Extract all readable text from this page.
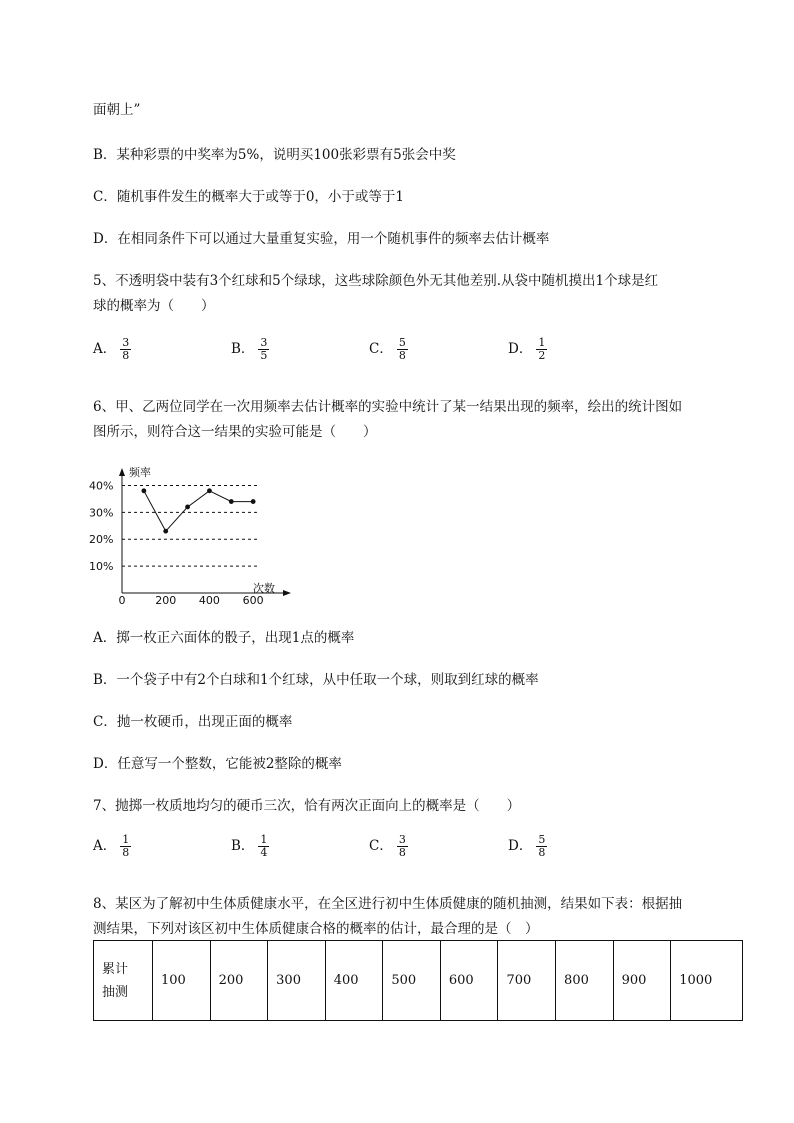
面朝上”
B．某种彩票的中奖率为5%，说明买100张彩票有5张会中奖
C．随机事件发生的概率大于或等于0，小于或等于1
D．在相同条件下可以通过大量重复实验，用一个随机事件的频率去估计概率
5、不透明袋中装有3个红球和5个绿球，这些球除颜色外无其他差别.从袋中随机摸出1个球是红
球的概率为（　　）
A． $\frac{3}{8}$	B． $\frac{3}{5}$	C． $\frac{5}{8}$	D． $\frac{1}{2}$
6、甲、乙两位同学在一次用频率去估计概率的实验中统计了某一结果出现的频率，绘出的统计图如
图所示，则符合这一结果的实验可能是（　　）
10%
20%
30%
40%
0	200 400 600
频率
次数
A．掷一枚正六面体的骰子，出现1点的概率
B．一个袋子中有2个白球和1个红球，从中任取一个球，则取到红球的概率
C．抛一枚硬币，出现正面的概率
D．任意写一个整数，它能被2整除的概率
7、抛掷一枚质地均匀的硬币三次，恰有两次正面向上的概率是（　　）
A． $\frac{1}{8}$	B． $\frac{1}{4}$	C． $\frac{3}{8}$	D． $\frac{5}{8}$
8、某区为了解初中生体质健康水平，在全区进行初中生体质健康的随机抽测，结果如下表：根据抽
测结果，下列对该区初中生体质健康合格的概率的估计，最合理的是（　）
累计
抽测	100	200	300	400	500	600	700	800	900	1000
